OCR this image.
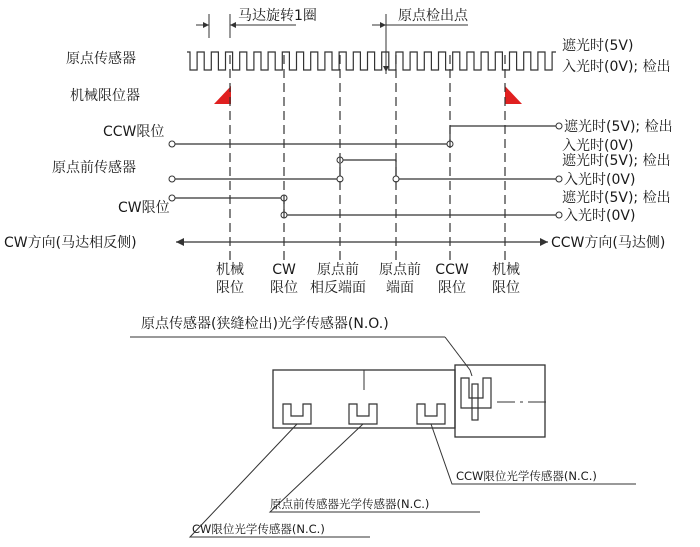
马达旋转1圈	原点检出点
原点传感器
机械限位器
CCW限位
原点前传感器
CW限位
遮光时(5V)
入光时(0V); 检出
遮光时(5V); 检出
入光时(0V)
遮光时(5V); 检出
入光时(0V)
遮光时(5V); 检出
入光时(0V)
CW方向(马达相反侧)	CCW方向(马达侧)
机械
限位
CW
限位
原点前
相反端面
原点前
端面
CCW
限位
机械
限位
原点传感器(狭缝检出)光学传感器(N.O.)
CCW限位光学传感器(N.C.)
原点前传感器光学传感器(N.C.)
CW限位光学传感器(N.C.)
